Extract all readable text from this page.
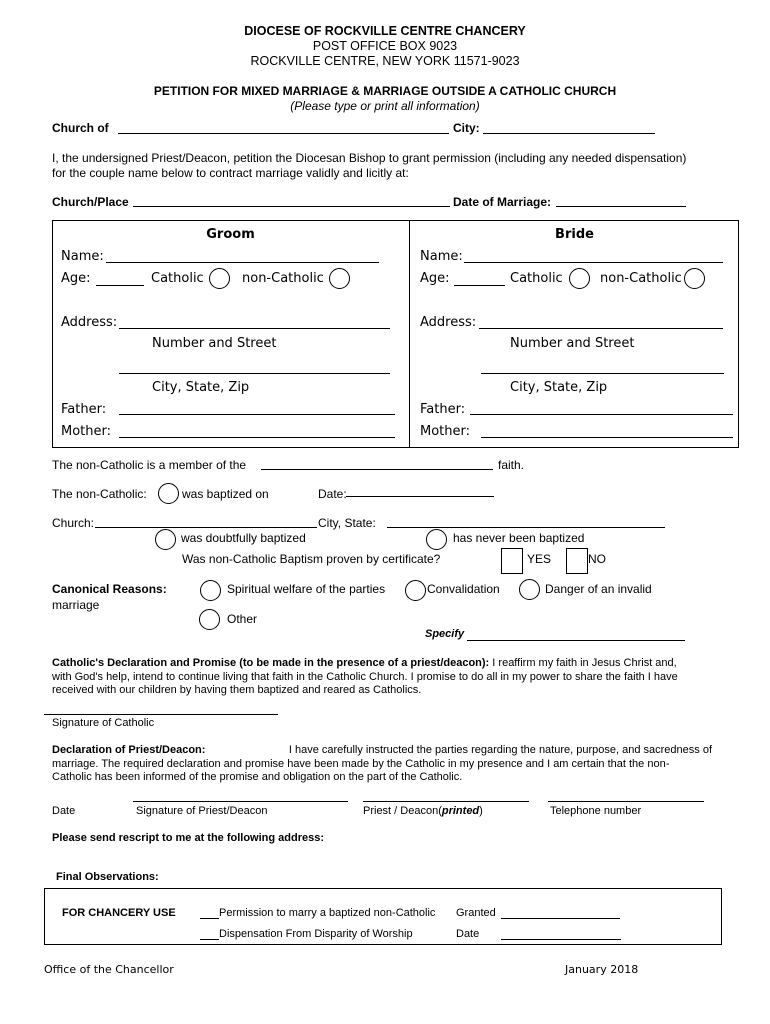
DIOCESE OF ROCKVILLE CENTRE CHANCERY
POST OFFICE BOX 9023
ROCKVILLE CENTRE, NEW YORK 11571-9023
PETITION FOR MIXED MARRIAGE & MARRIAGE OUTSIDE A CATHOLIC CHURCH
(Please type or print all information)
Church of	City:
I, the undersigned Priest/Deacon, petition the Diocesan Bishop to grant permission (including any needed dispensation) for the couple name below to contract marriage validly and licitly at:
Church/Place	Date of Marriage:
Groom
Name:
Age:	Catholic	non-Catholic
Address:
Number and Street
City, State, Zip
Father:
Mother:
Bride
Name:
Age:	Catholic	non-Catholic
Address:
Number and Street
City, State, Zip
Father:
Mother:
The non-Catholic is a member of the	faith.
The non-Catholic:	was baptized on	Date:
Church:	City, State:
was doubtfully baptized	has never been baptized
Was non-Catholic Baptism proven by certificate?	YES	NO
Canonical Reasons:	Spiritual welfare of the parties	Convalidation	Danger of an invalid
marriage
Other
Specify
Catholic's Declaration and Promise (to be made in the presence of a priest/deacon): I reaffirm my faith in Jesus Christ and,
with God's help, intend to continue living that faith in the Catholic Church. I promise to do all in my power to share the faith I have
received with our children by having them baptized and reared as Catholics.
Signature of Catholic
Declaration of Priest/Deacon:	I have carefully instructed the parties regarding the nature, purpose, and sacredness of
marriage. The required declaration and promise have been made by the Catholic in my presence and I am certain that the non-
Catholic has been informed of the promise and obligation on the part of the Catholic.
Date	Signature of Priest/Deacon	Priest / Deacon(printed)	Telephone number
Please send rescript to me at the following address:
Final Observations:
FOR CHANCERY USE	Permission to marry a baptized non-Catholic Granted
Dispensation From Disparity of Worship	Date
Office of the Chancellor	January 2018
